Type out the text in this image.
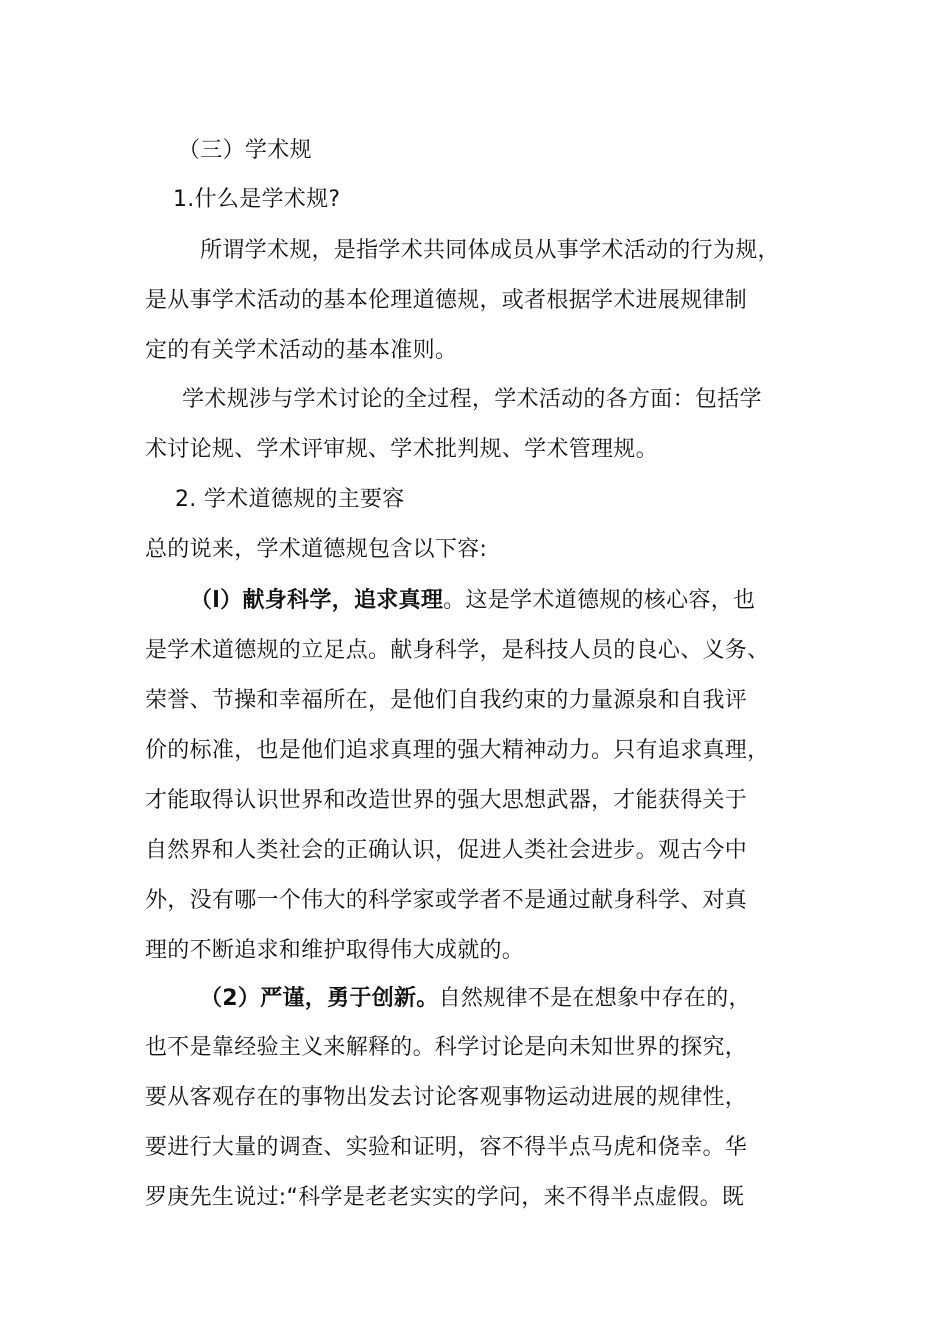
（三）学术规
1.什么是学术规?
所谓学术规，是指学术共同体成员从事学术活动的行为规，
是从事学术活动的基本伦理道德规，或者根据学术进展规律制
定的有关学术活动的基本准则。
学术规涉与学术讨论的全过程，学术活动的各方面：包括学
术讨论规、学术评审规、学术批判规、学术管理规。
2. 学术道德规的主要容
总的说来，学术道德规包含以下容:
（l）献身科学，追求真理。这是学术道德规的核心容，也
是学术道德规的立足点。献身科学，是科技人员的良心、义务、
荣誉、节操和幸福所在，是他们自我约束的力量源泉和自我评
价的标准，也是他们追求真理的强大精神动力。只有追求真理，
才能取得认识世界和改造世界的强大思想武器，才能获得关于
自然界和人类社会的正确认识，促进人类社会进步。观古今中
外，没有哪一个伟大的科学家或学者不是通过献身科学、对真
理的不断追求和维护取得伟大成就的。
（2）严谨，勇于创新。自然规律不是在想象中存在的，
也不是靠经验主义来解释的。科学讨论是向未知世界的探究，
要从客观存在的事物出发去讨论客观事物运动进展的规律性，
要进行大量的调查、实验和证明，容不得半点马虎和侥幸。华
罗庚先生说过:“科学是老老实实的学问，来不得半点虚假。既
